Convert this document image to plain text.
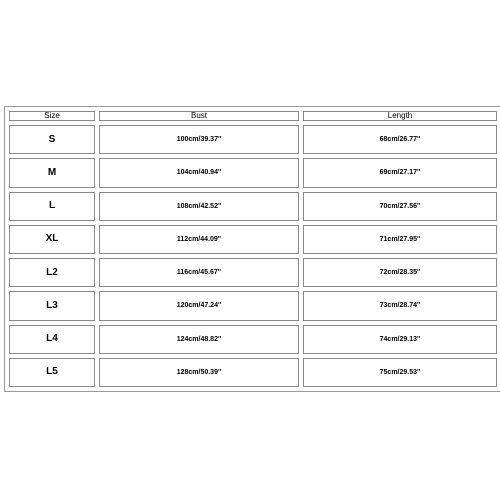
Size	Bust	Length
S	100cm/39.37''	68cm/26.77''
M	104cm/40.94''	69cm/27.17''
L	108cm/42.52''	70cm/27.56''
XL	112cm/44.09''	71cm/27.95''
L2	116cm/45.67''	72cm/28.35''
L3	120cm/47.24''	73cm/28.74''
L4	124cm/48.82''	74cm/29.13''
L5	128cm/50.39''	75cm/29.53''
